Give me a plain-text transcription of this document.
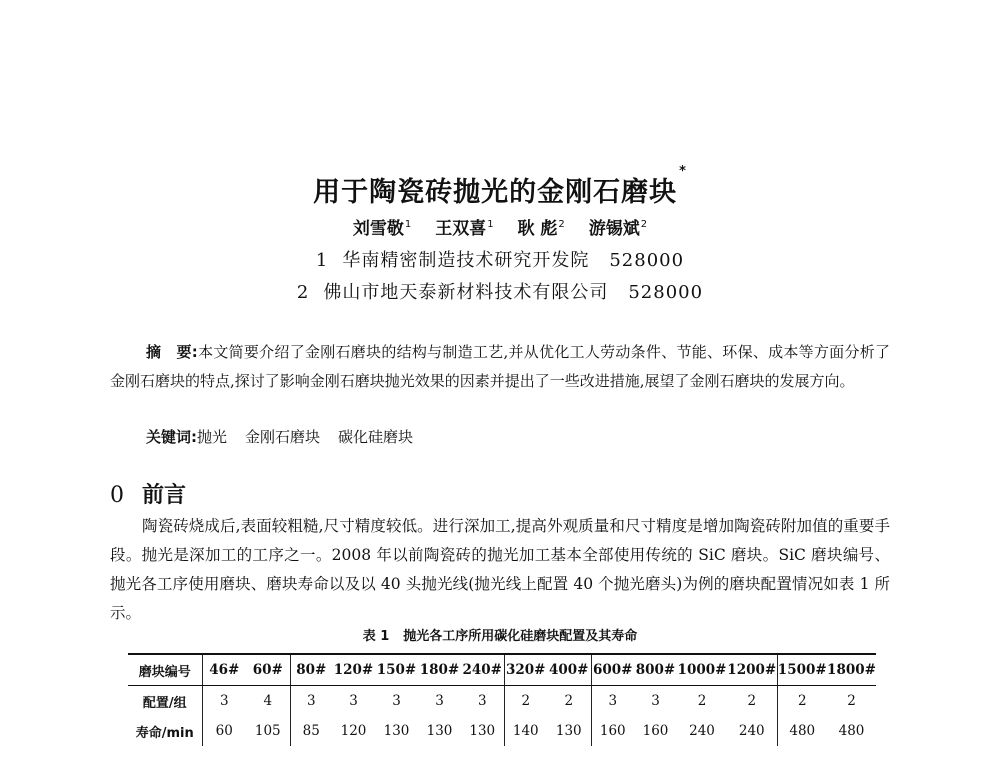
用于陶瓷砖抛光的金刚石磨块*
刘雪敬$^1$ 王双喜$^1$ 耿 彪$^2$ 游锡斌$^2$
1 华南精密制造技术研究开发院 528000
2 佛山市地天泰新材料技术有限公司 528000
摘　要:本文简要介绍了金刚石磨块的结构与制造工艺,并从优化工人劳动条件、节能、环保、成本等方面分析了金刚石磨块的特点,探讨了影响金刚石磨块抛光效果的因素并提出了一些改进措施,展望了金刚石磨块的发展方向。
关键词:抛光 金刚石磨块 碳化硅磨块
0 前言
陶瓷砖烧成后,表面较粗糙,尺寸精度较低。进行深加工,提高外观质量和尺寸精度是增加陶瓷砖附加值的重要手段。抛光是深加工的工序之一。2008 年以前陶瓷砖的抛光加工基本全部使用传统的 SiC 磨块。SiC 磨块编号、抛光各工序使用磨块、磨块寿命以及以 40 头抛光线(抛光线上配置 40 个抛光磨头)为例的磨块配置情况如表 1 所示。
表 1 抛光各工序所用碳化硅磨块配置及其寿命
磨块编号	46#	60#	80#	120#	150#	180#	240#	320#	400#	600#	800#	1000#	1200#	1500#	1800#
配置/组	3	4	3	3	3	3	3	2	2	3	3	2	2	2	2
寿命/min	60	105	85	120	130	130	130	140	130	160	160	240	240	480	480
